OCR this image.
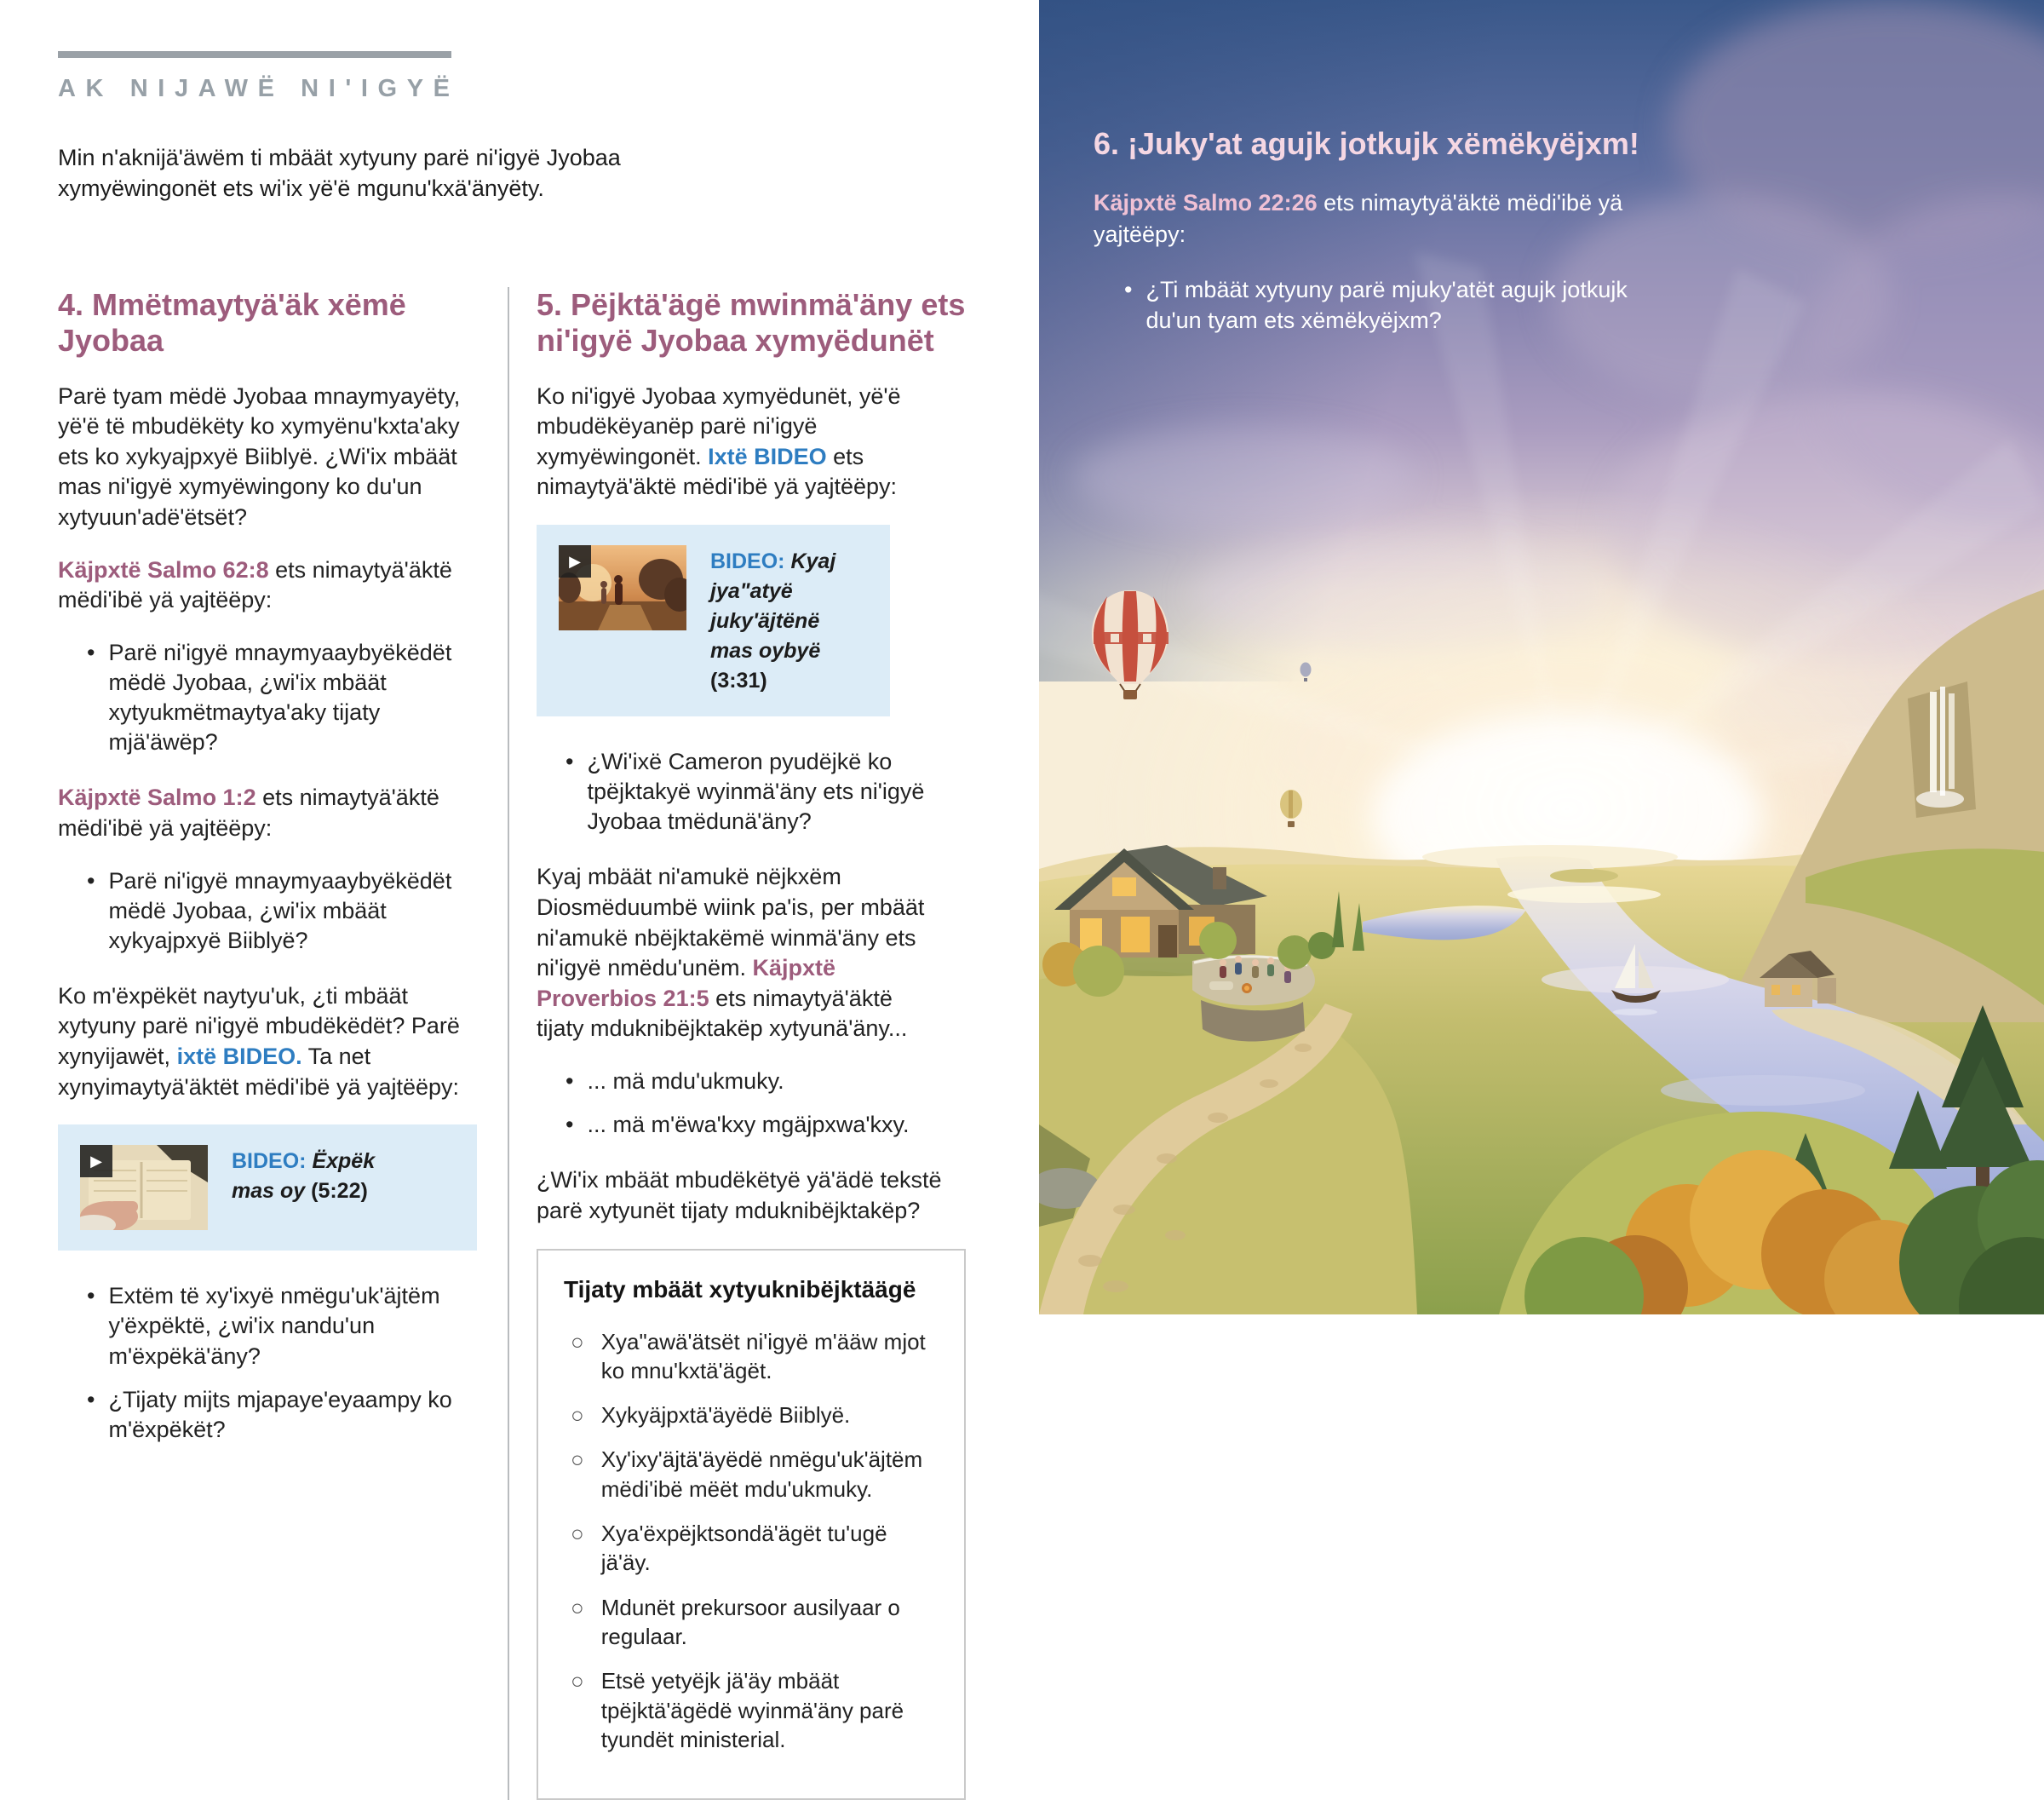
AK NIJAWË NI'IGYË

Min n'aknijä'äwëm ti mbäät xytyuny parë ni'igyë Jyobaa xymyëwingonët ets wi'ix yë'ë mgunu'kxä'änyëty.

4. Mmëtmaytyä'äk xëmë Jyobaa

Parë tyam mëdë Jyobaa mnaymyayëty, yë'ë të mbudëkëty ko xymyënu'kxta'aky ets ko xykyajpxyë Biiblyë. ¿Wi'ix mbäät mas ni'igyë xymyëwingony ko du'un xytyuun'adë'ëtsët?

Käjpxtë Salmo 62:8 ets nimaytyä'äktë mëdi'ibë yä yajtëëpy:

• Parë ni'igyë mnaymyaaybyëkëdët mëdë Jyobaa, ¿wi'ix mbäät xytyukmëtmaytya'aky tijaty mjä'äwëp?

Käjpxtë Salmo 1:2 ets nimaytyä'äktë mëdi'ibë yä yajtëëpy:

• Parë ni'igyë mnaymyaaybyëkëdët mëdë Jyobaa, ¿wi'ix mbäät xykyajpxyë Biiblyë?

Ko m'ëxpëkët naytyu'uk, ¿ti mbäät xytyuny parë ni'igyë mbudëkëdët? Parë xynyijawët, ixtë BIDEO. Ta net xynyimaytyä'äktët mëdi'ibë yä yajtëëpy:

▶	BIDEO: Ëxpëk mas oy (5:22)
• Extëm të xy'ixyë nmëgu'uk'äjtëm y'ëxpëktë, ¿wi'ix nandu'un m'ëxpëkä'äny?
• ¿Tijaty mijts mjapaye'eyaampy ko m'ëxpëkët?
5. Pëjktä'ägë mwinmä'äny ets ni'igyë Jyobaa xymyëdunët

Ko ni'igyë Jyobaa xymyëdunët, yë'ë mbudëkëyanëp parë ni'igyë xymyëwingonët. Ixtë BIDEO ets nimaytyä'äktë mëdi'ibë yä yajtëëpy:

▶	BIDEO: Kyaj jya"atyë juky'äjtënë mas oybyë (3:31)
• ¿Wi'ixë Cameron pyudëjkë ko tpëjktakyë wyinmä'äny ets ni'igyë Jyobaa tmëdunä'äny?

Kyaj mbäät ni'amukë nëjkxëm Diosmëduumbë wiink pa'is, per mbäät ni'amukë nbëjktakëmë winmä'äny ets ni'igyë nmëdu'unëm. Käjpxtë Proverbios 21:5 ets nimaytyä'äktë tijaty mduknibëjktakëp xytyunä'äny...

• ... mä mdu'ukmuky.
• ... mä m'ëwa'kxy mgäjpxwa'kxy.

¿Wi'ix mbäät mbudëkëtyë yä'ädë tekstë parë xytyunët tijaty mduknibëjktakëp?

Tijaty mbäät xytyuknibëjktäägë
○ Xya"awä'ätsët ni'igyë m'ääw mjot ko mnu'kxtä'ägët.
○ Xykyäjpxtä'äyëdë Biiblyë.
○ Xy'ixy'äjtä'äyëdë nmëgu'uk'äjtëm mëdi'ibë mëët mdu'ukmuky.
○ Xya'ëxpëjktsondä'ägët tu'ugë jä'äy.
○ Mdunët prekursoor ausilyaar o regulaar.
○ Etsë yetyëjk jä'äy mbäät tpëjktä'ägëdë wyinmä'äny parë tyundët ministerial.
6. ¡Juky'at agujk jotkujk xëmëkyëjxm!

Käjpxtë Salmo 22:26 ets nimaytyä'äktë mëdi'ibë yä yajtëëpy:

• ¿Ti mbäät xytyuny parë mjuky'atët agujk jotkujk du'un tyam ets xëmëkyëjxm?
